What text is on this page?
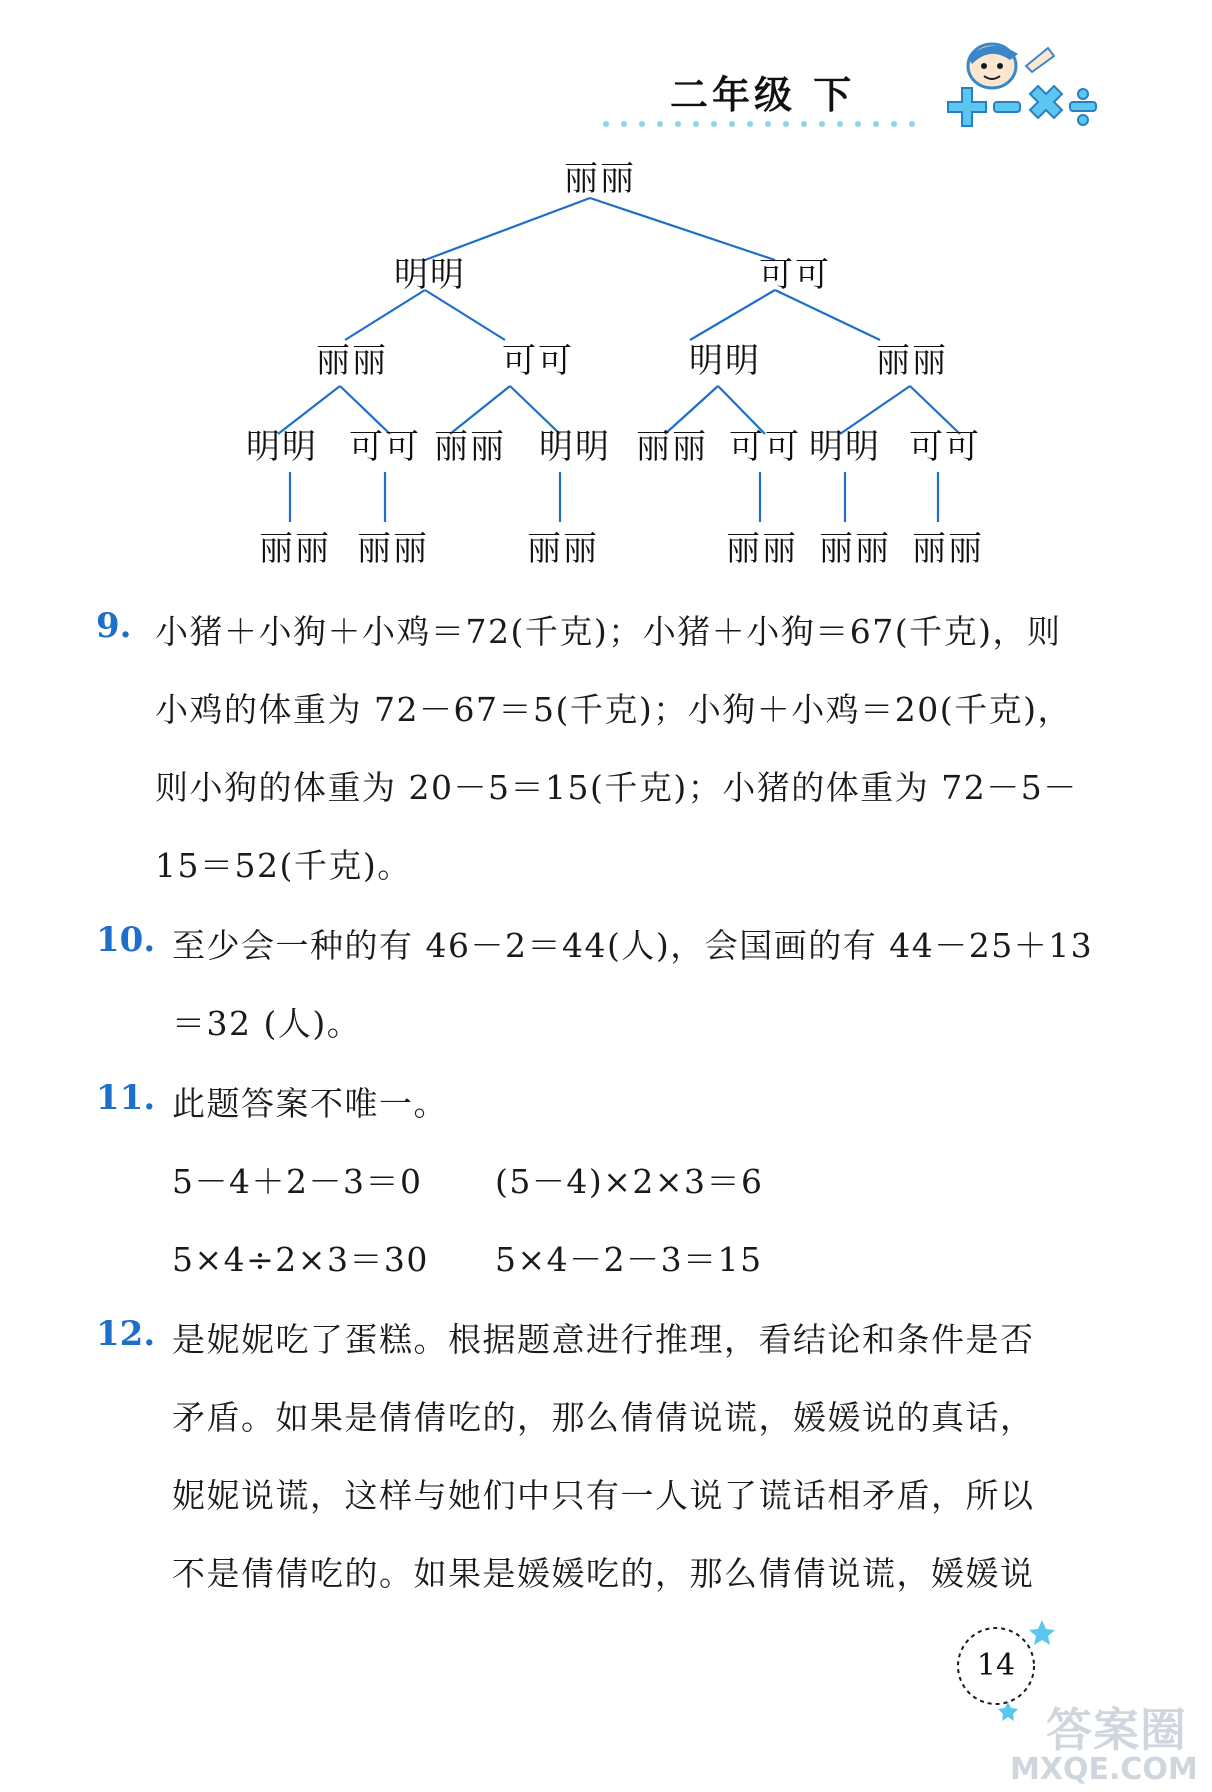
二年级 下
丽丽
明明	可可
丽丽	可可	明明	丽丽
明明 可可 丽丽 明明 丽丽 可可 明明 可可
丽丽 丽丽	丽丽	丽丽 丽丽 丽丽
9. 小猪＋小狗＋小鸡＝72(千克)；小猪＋小狗＝67(千克)，则
小鸡的体重为 72－67＝5(千克)；小狗＋小鸡＝20(千克)，
则小狗的体重为 20－5＝15(千克)；小猪的体重为 72－5－
15＝52(千克)。
10. 至少会一种的有 46－2＝44(人)，会国画的有 44－25＋13
＝32 (人)。
11. 此题答案不唯一。
5－4＋2－3＝0 (5－4)×2×3＝6
5×4÷2×3＝30 5×4－2－3＝15
12. 是妮妮吃了蛋糕。根据题意进行推理，看结论和条件是否
矛盾。如果是倩倩吃的，那么倩倩说谎，媛媛说的真话，
妮妮说谎，这样与她们中只有一人说了谎话相矛盾，所以
不是倩倩吃的。如果是媛媛吃的，那么倩倩说谎，媛媛说
14
答案圈
MXQE.COM
